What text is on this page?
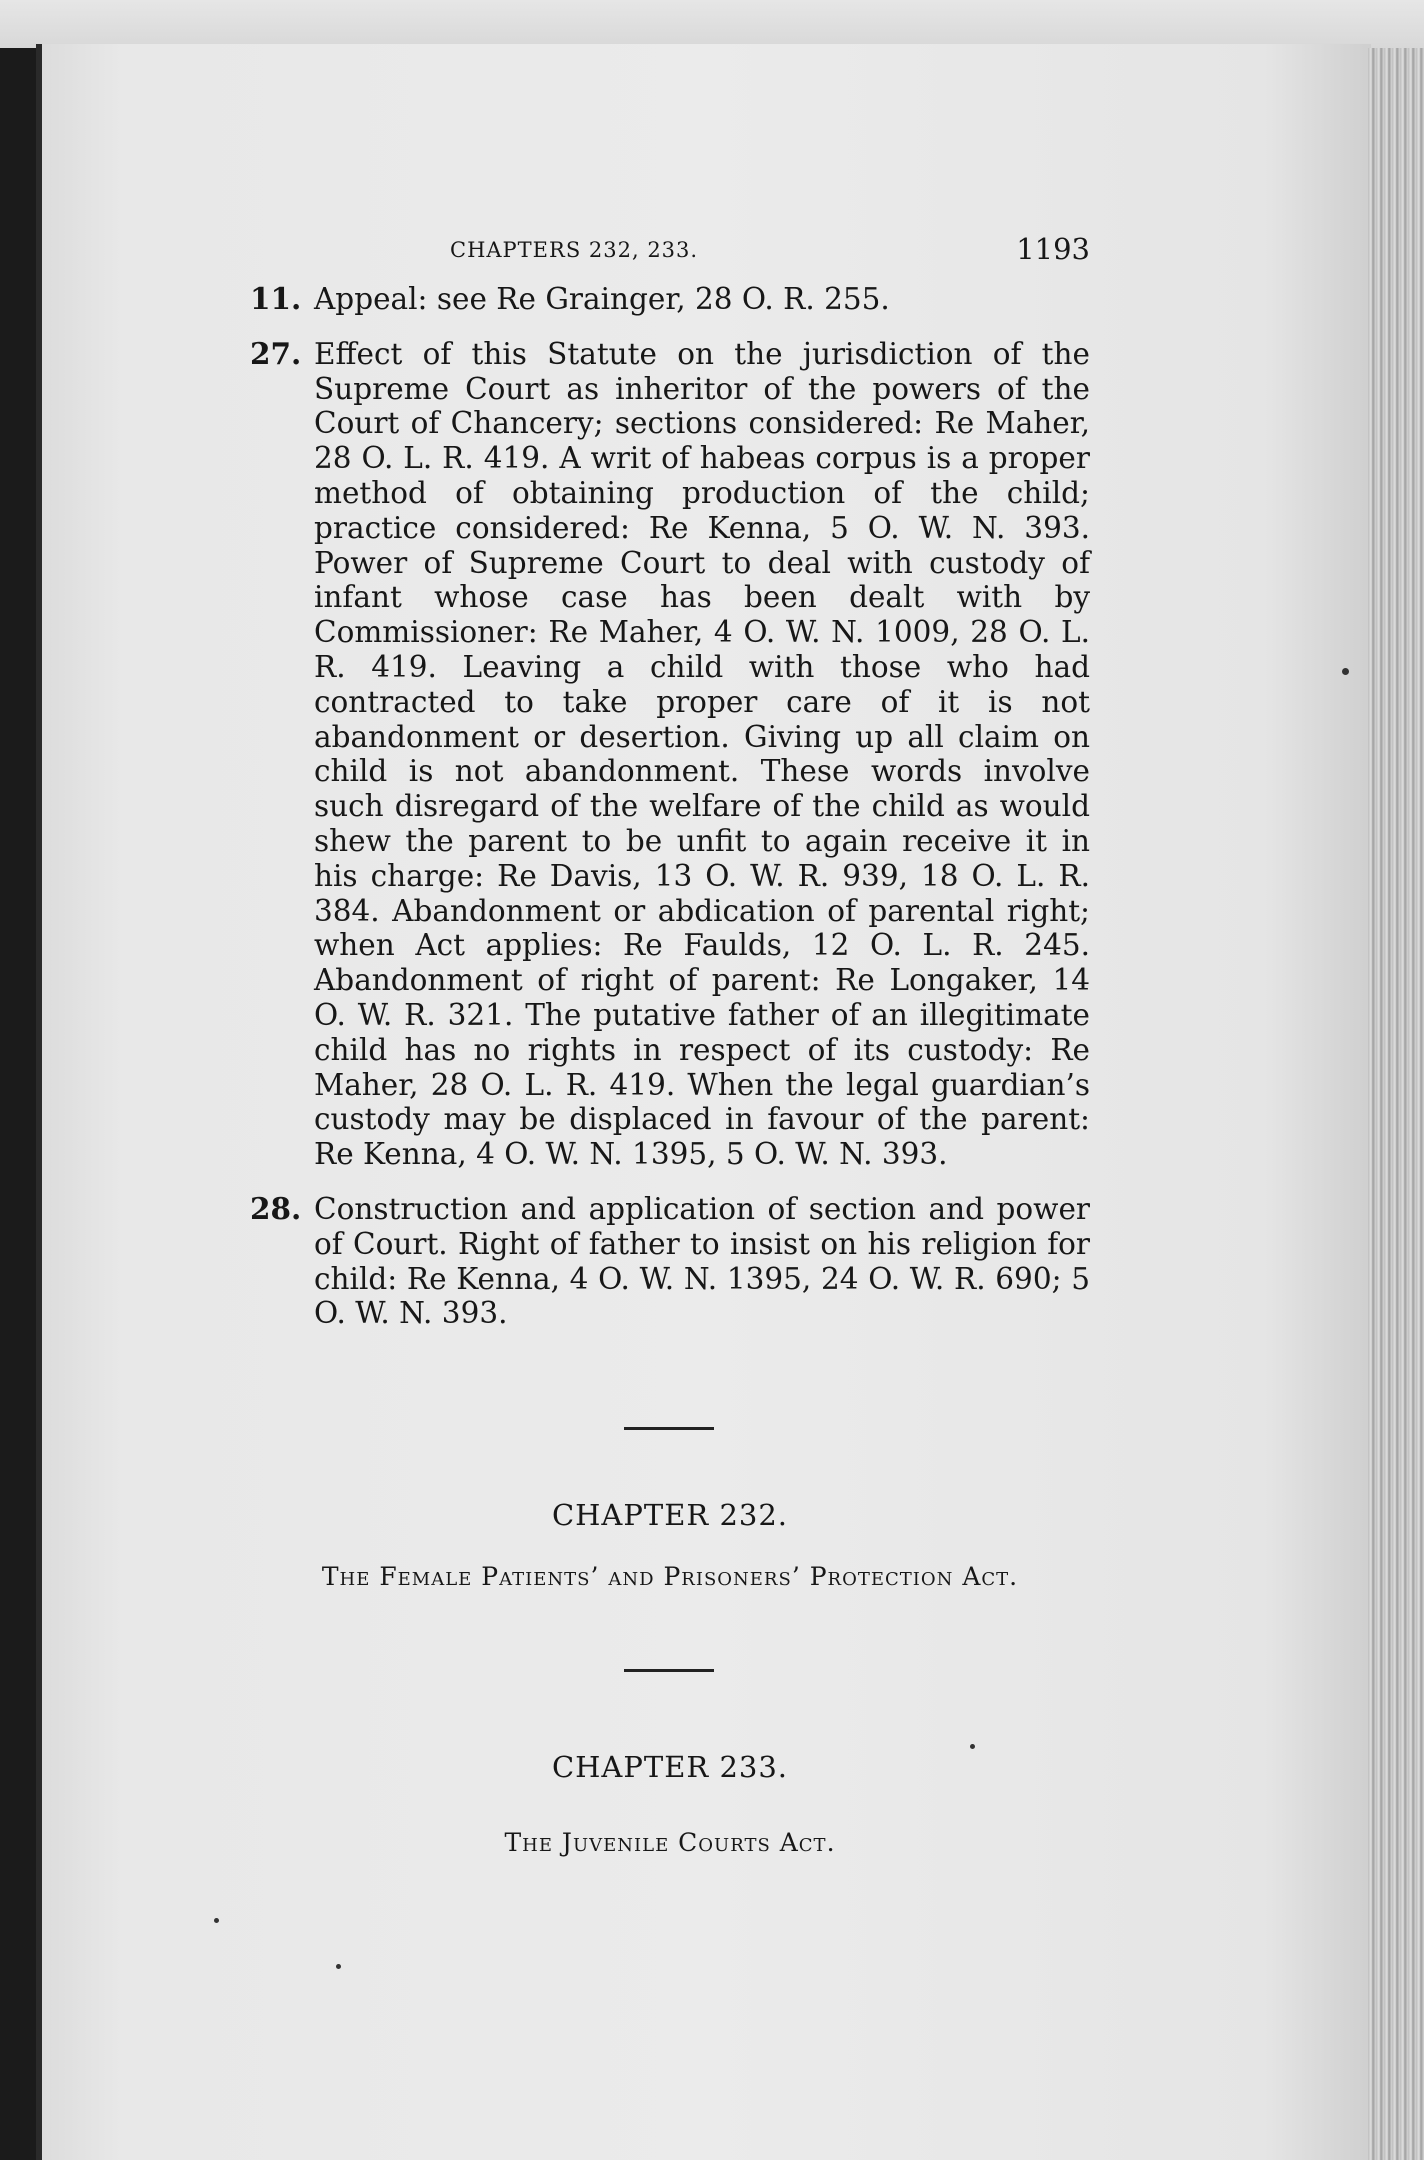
CHAPTERS 232, 233.	1193
11. Appeal: see Re Grainger, 28 O. R. 255.
27. Effect of this Statute on the jurisdiction of the Supreme Court as inheritor of the powers of the Court of Chancery; sections considered: Re Maher, 28 O. L. R. 419. A writ of habeas corpus is a proper method of obtaining production of the child; practice considered: Re Kenna, 5 O. W. N. 393. Power of Supreme Court to deal with custody of infant whose case has been dealt with by Commissioner: Re Maher, 4 O. W. N. 1009, 28 O. L. R. 419. Leaving a child with those who had contracted to take proper care of it is not abandonment or desertion. Giving up all claim on child is not abandonment. These words involve such disregard of the welfare of the child as would shew the parent to be unfit to again receive it in his charge: Re Davis, 13 O. W. R. 939, 18 O. L. R. 384. Abandonment or abdication of parental right; when Act applies: Re Faulds, 12 O. L. R. 245. Abandonment of right of parent: Re Longaker, 14 O. W. R. 321. The putative father of an illegitimate child has no rights in respect of its custody: Re Maher, 28 O. L. R. 419. When the legal guardian’s custody may be displaced in favour of the parent: Re Kenna, 4 O. W. N. 1395, 5 O. W. N. 393.
28. Construction and application of section and power of Court. Right of father to insist on his religion for child: Re Kenna, 4 O. W. N. 1395, 24 O. W. R. 690; 5 O. W. N. 393.
CHAPTER 232.
The Female Patients’ and Prisoners’ Protection Act.
CHAPTER 233.
The Juvenile Courts Act.
